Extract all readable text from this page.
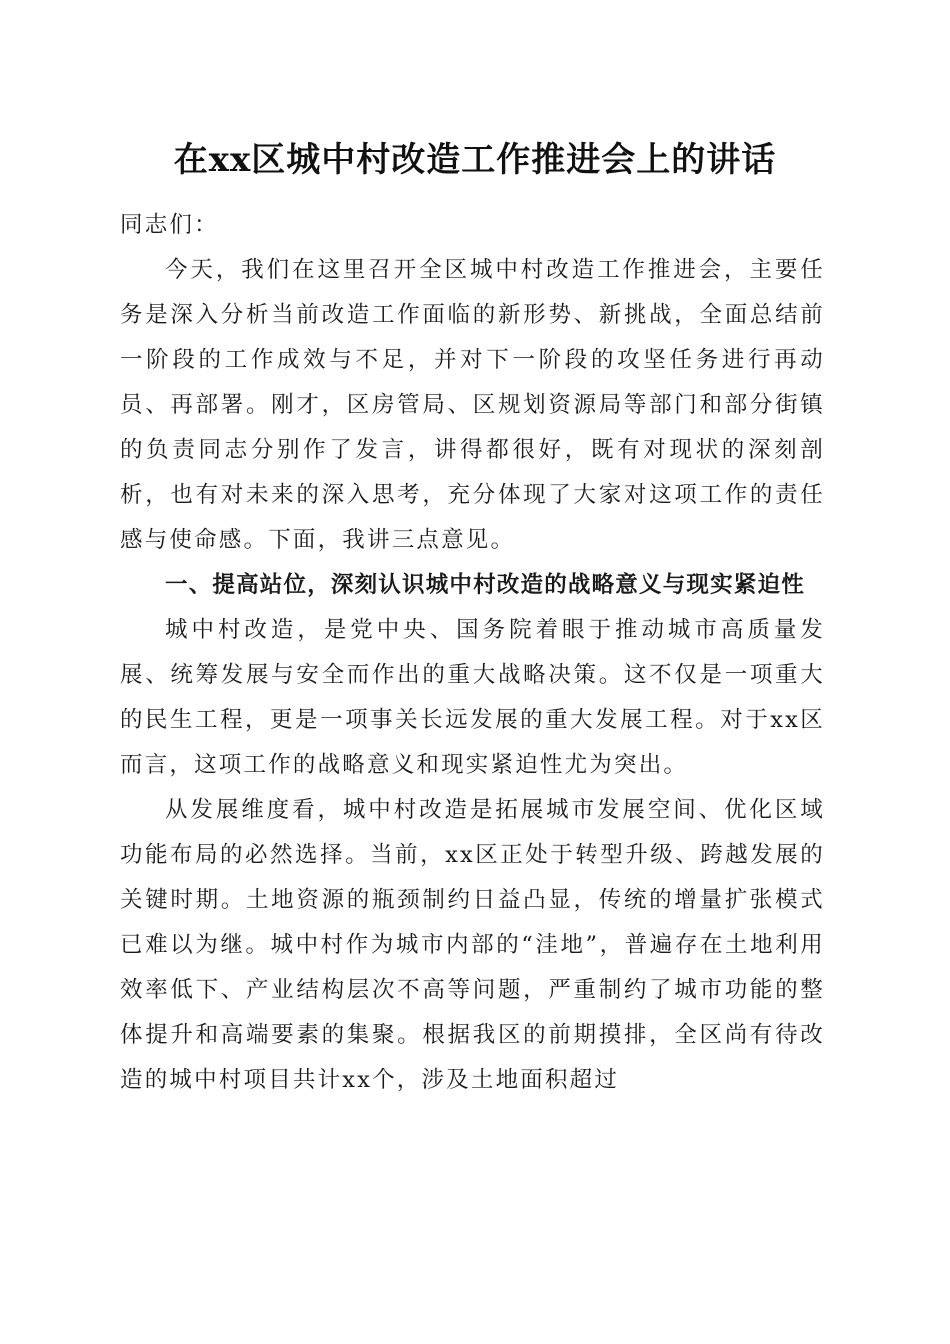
在xx区城中村改造工作推进会上的讲话

同志们：

今天，我们在这里召开全区城中村改造工作推进会，主要任务是深入分析当前改造工作面临的新形势、新挑战，全面总结前一阶段的工作成效与不足，并对下一阶段的攻坚任务进行再动员、再部署。刚才，区房管局、区规划资源局等部门和部分街镇的负责同志分别作了发言，讲得都很好，既有对现状的深刻剖析，也有对未来的深入思考，充分体现了大家对这项工作的责任感与使命感。下面，我讲三点意见。

一、提高站位，深刻认识城中村改造的战略意义与现实紧迫性

城中村改造，是党中央、国务院着眼于推动城市高质量发展、统筹发展与安全而作出的重大战略决策。这不仅是一项重大的民生工程，更是一项事关长远发展的重大发展工程。对于xx区而言，这项工作的战略意义和现实紧迫性尤为突出。

从发展维度看，城中村改造是拓展城市发展空间、优化区域功能布局的必然选择。当前，xx区正处于转型升级、跨越发展的关键时期。土地资源的瓶颈制约日益凸显，传统的增量扩张模式已难以为继。城中村作为城市内部的“洼地”，普遍存在土地利用效率低下、产业结构层次不高等问题，严重制约了城市功能的整体提升和高端要素的集聚。根据我区的前期摸排，全区尚有待改造的城中村项目共计xx个，涉及土地面积超过
